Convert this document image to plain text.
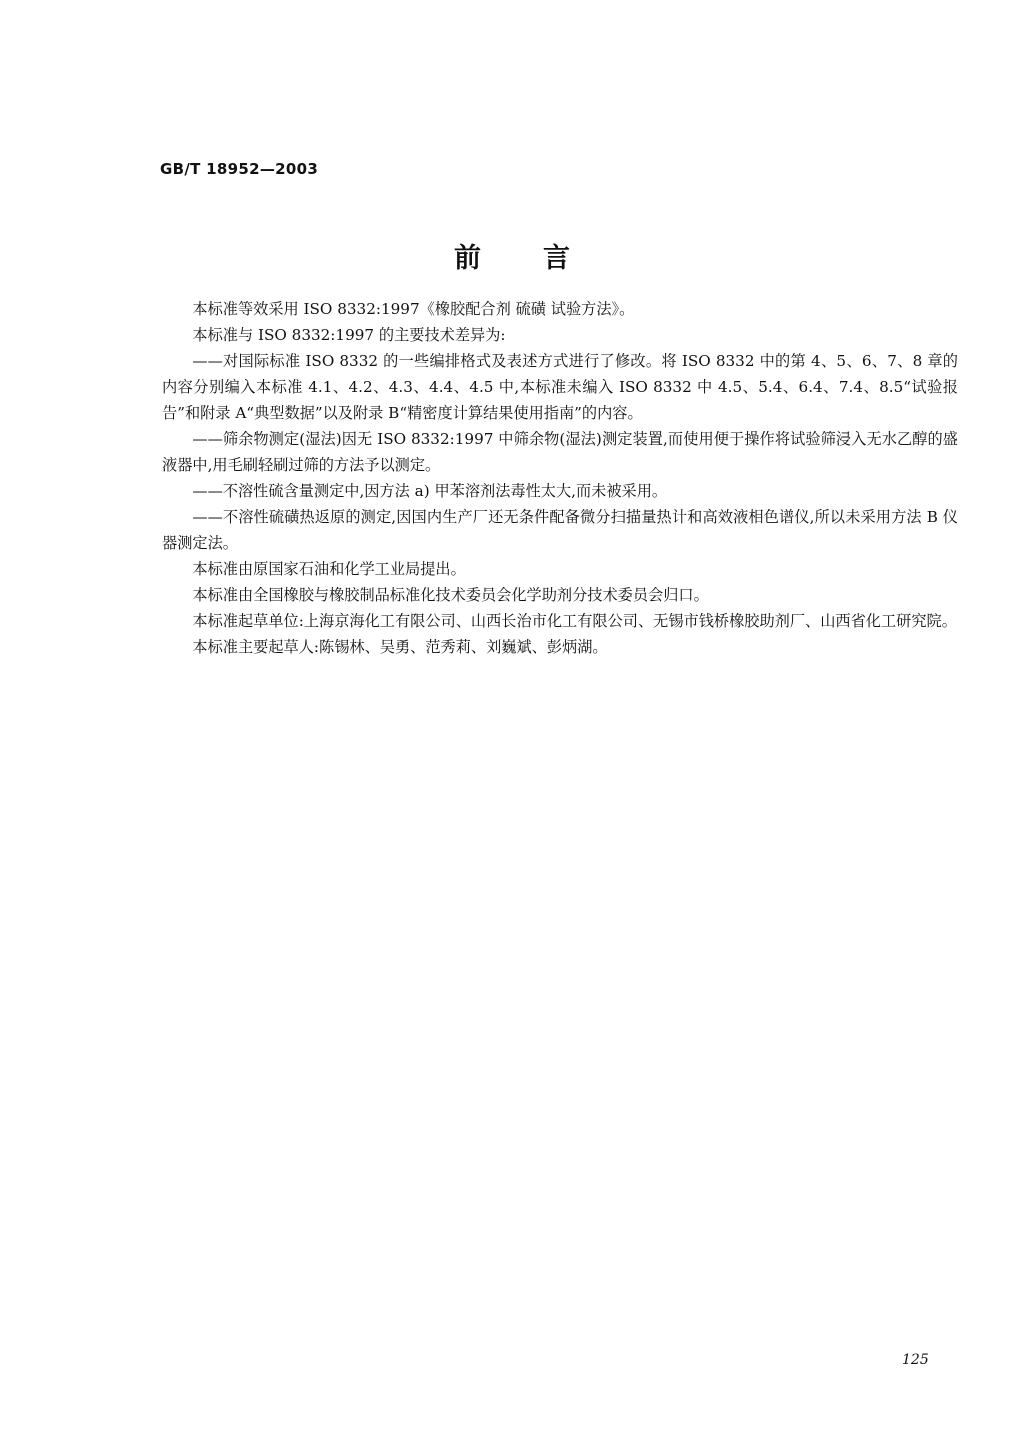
GB/T 18952—2003
前 言

本标准等效采用 ISO 8332:1997《橡胶配合剂 硫磺 试验方法》。

本标准与 ISO 8332:1997 的主要技术差异为:

——对国际标准 ISO 8332 的一些编排格式及表述方式进行了修改。将 ISO 8332 中的第 4、5、6、7、8 章的内容分别编入本标准 4.1、4.2、4.3、4.4、4.5 中,本标准未编入 ISO 8332 中 4.5、5.4、6.4、7.4、8.5“试验报告”和附录 A“典型数据”以及附录 B“精密度计算结果使用指南”的内容。

——筛余物测定(湿法)因无 ISO 8332:1997 中筛余物(湿法)测定装置,而使用便于操作将试验筛浸入无水乙醇的盛液器中,用毛刷轻刷过筛的方法予以测定。

——不溶性硫含量测定中,因方法 a) 甲苯溶剂法毒性太大,而未被采用。

——不溶性硫磺热返原的测定,因国内生产厂还无条件配备微分扫描量热计和高效液相色谱仪,所以未采用方法 B 仪器测定法。

本标准由原国家石油和化学工业局提出。

本标准由全国橡胶与橡胶制品标准化技术委员会化学助剂分技术委员会归口。

本标准起草单位:上海京海化工有限公司、山西长治市化工有限公司、无锡市钱桥橡胶助剂厂、山西省化工研究院。

本标准主要起草人:陈锡林、吴勇、范秀莉、刘巍斌、彭炳湖。

125
